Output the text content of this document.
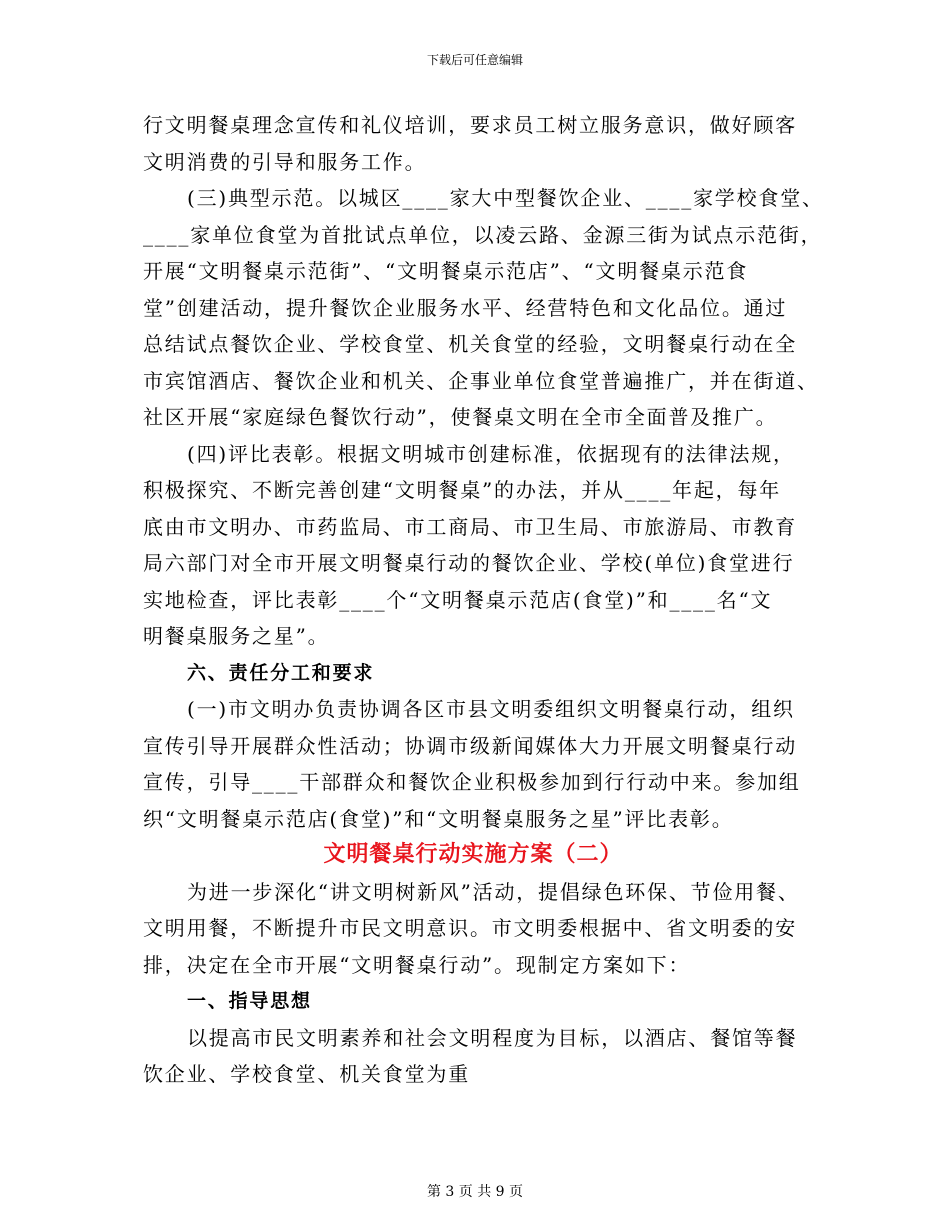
下载后可任意编辑
行文明餐桌理念宣传和礼仪培训，要求员工树立服务意识，做好顾客
文明消费的引导和服务工作。
(三)典型示范。以城区____家大中型餐饮企业、____家学校食堂、
____家单位食堂为首批试点单位，以凌云路、金源三街为试点示范街，
开展“文明餐桌示范街”、“文明餐桌示范店”、“文明餐桌示范食
堂”创建活动，提升餐饮企业服务水平、经营特色和文化品位。通过
总结试点餐饮企业、学校食堂、机关食堂的经验，文明餐桌行动在全
市宾馆酒店、餐饮企业和机关、企事业单位食堂普遍推广，并在街道、
社区开展“家庭绿色餐饮行动”，使餐桌文明在全市全面普及推广。
(四)评比表彰。根据文明城市创建标准，依据现有的法律法规，
积极探究、不断完善创建“文明餐桌”的办法，并从____年起，每年
底由市文明办、市药监局、市工商局、市卫生局、市旅游局、市教育
局六部门对全市开展文明餐桌行动的餐饮企业、学校(单位)食堂进行
实地检查，评比表彰____个“文明餐桌示范店(食堂)”和____名“文
明餐桌服务之星”。
六、责任分工和要求
(一)市文明办负责协调各区市县文明委组织文明餐桌行动，组织
宣传引导开展群众性活动；协调市级新闻媒体大力开展文明餐桌行动
宣传，引导____干部群众和餐饮企业积极参加到行行动中来。参加组
织“文明餐桌示范店(食堂)”和“文明餐桌服务之星”评比表彰。
文明餐桌行动实施方案（二）
为进一步深化“讲文明树新风”活动，提倡绿色环保、节俭用餐、
文明用餐，不断提升市民文明意识。市文明委根据中、省文明委的安
排，决定在全市开展“文明餐桌行动”。现制定方案如下：
一、指导思想
以提高市民文明素养和社会文明程度为目标，以酒店、餐馆等餐
饮企业、学校食堂、机关食堂为重
第 3 页 共 9 页
